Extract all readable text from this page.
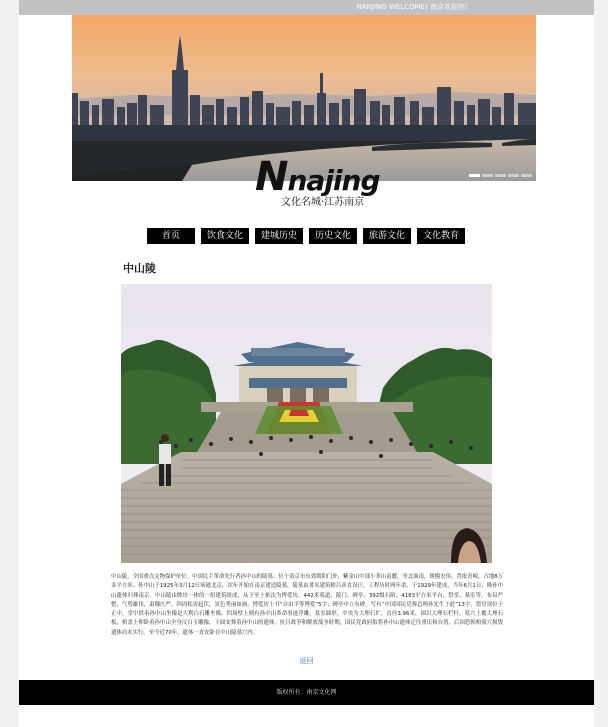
NANJING WELCOME! 南京欢迎您！
Nnajing
文化名城·江苏南京
首页	饮食文化	建城历史	历史文化	旅游文化	文化教育
中山陵
中山陵，全国重点文物保护单位。中国民主革命先行者孙中山的陵墓。位于南京市东郊朝阳门外，紫金山中部小茅山南麓，坐北面南，规模宏伟。背依青嶂，占地8万多平方米。孙中山于1925年3月12日病逝北京，次年开始在南京建造陵墓，陵墓由著名建筑师吕彦直设计，工程历时两年余，于1929年建成，当年6月1日，隆孙中山遗体归葬南京。中山陵由牌坊一体的一组建筑组成，从下至上依次为博爱坊、442米墓道、陵门、碑亭、392级石阶、4183平方米平台、祭堂、墓室等。布局严整，气势雄伟，肃穆庄严。四周松涛起伏，景色秀丽如画。博爱坊上书“自由平等博爱”5字；碑亭中立有碑，写有“中国国民党葬总理孙先生于此”13字。祭堂顶位于正中，堂中供奉孙中山坐像是大利白石雕坐像，四周壁上刻有孙中山革命事迹浮雕。墓室圆形，中央为大理石圹，直径3.96米，围以大理石栏杆，墓穴上覆大理石板，棺盖上仰卧着孙中山全身汉白玉雕像，下面安葬着孙中山的遗体。抗日战争和解放战争时期，国民党政府拟将孙中山遗体迁往重庆和台湾，后因恐损棺墓穴损毁遗体而未实行。至今近70年，遗体一直安卧在中山陵墓穴内。
返回
版权所有：南京文化网
